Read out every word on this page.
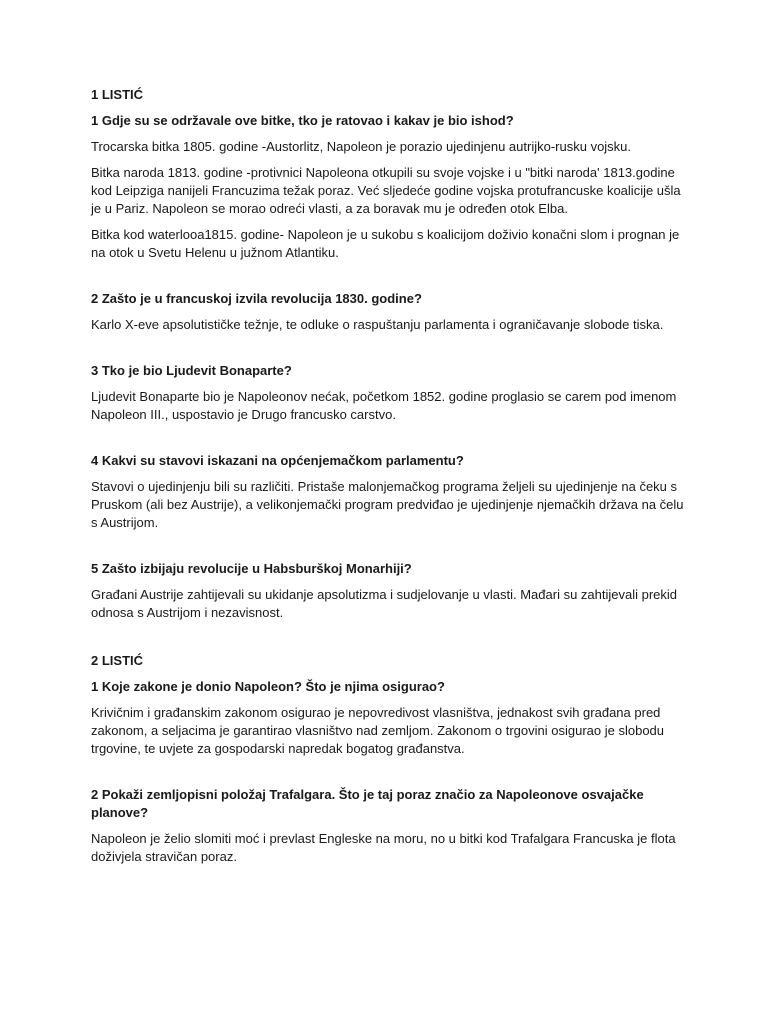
1 LISTIĆ

1 Gdje su se održavale ove bitke, tko je ratovao i kakav je bio ishod?

Trocarska bitka 1805. godine -Austorlitz, Napoleon je porazio ujedinjenu autrijko-rusku vojsku.

Bitka naroda 1813. godine -protivnici Napoleona otkupili su svoje vojske i u "bitki naroda' 1813.godine kod Leipziga nanijeli Francuzima težak poraz. Već sljedeće godine vojska protufrancuske koalicije ušla je u Pariz. Napoleon se morao odreći vlasti, a za boravak mu je određen otok Elba.

Bitka kod waterlooa1815. godine- Napoleon je u sukobu s koalicijom doživio konačni slom i prognan je na otok u Svetu Helenu u južnom Atlantiku.

2 Zašto je u francuskoj izvila revolucija 1830. godine?

Karlo X-eve apsolutističke težnje, te odluke o raspuštanju parlamenta i ograničavanje slobode tiska.

3 Tko je bio Ljudevit Bonaparte?

Ljudevit Bonaparte bio je Napoleonov nećak, početkom 1852. godine proglasio se carem pod imenom Napoleon III., uspostavio je Drugo francusko carstvo.

4 Kakvi su stavovi iskazani na općenjemačkom parlamentu?

Stavovi o ujedinjenju bili su različiti. Pristaše malonjemačkog programa željeli su ujedinjenje na čeku s Pruskom (ali bez Austrije), a velikonjemački program predviđao je ujedinjenje njemačkih država na čelu s Austrijom.

5 Zašto izbijaju revolucije u Habsburškoj Monarhiji?

Građani Austrije zahtijevali su ukidanje apsolutizma i sudjelovanje u vlasti. Mađari su zahtijevali prekid odnosa s Austrijom i nezavisnost.

2 LISTIĆ

1 Koje zakone je donio Napoleon? Što je njima osigurao?

Krivičnim i građanskim zakonom osigurao je nepovredivost vlasništva, jednakost svih građana pred zakonom, a seljacima je garantirao vlasništvo nad zemljom. Zakonom o trgovini osigurao je slobodu trgovine, te uvjete za gospodarski napredak bogatog građanstva.

2 Pokaži zemljopisni položaj Trafalgara. Što je taj poraz značio za Napoleonove osvajačke planove?

Napoleon je želio slomiti moć i prevlast Engleske na moru, no u bitki kod Trafalgara Francuska je flota doživjela stravičan poraz.
